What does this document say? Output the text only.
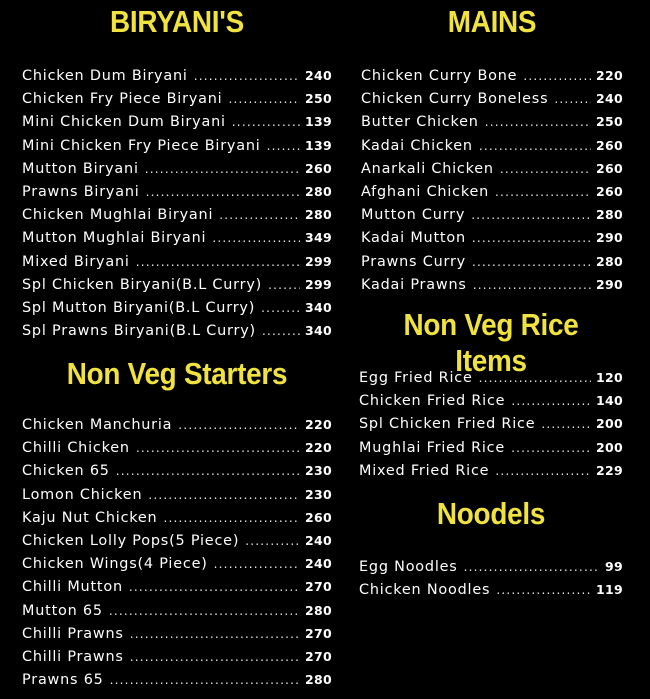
BIRYANI'S
Chicken Dum Biryani .....	240
Chicken Fry Piece Biryani .....	250
Mini Chicken Dum Biryani .....	139
Mini Chicken Fry Piece Biryani .....	139
Mutton Biryani .....	260
Prawns Biryani .....	280
Chicken Mughlai Biryani .....	280
Mutton Mughlai Biryani .....	349
Mixed Biryani .....	299
Spl Chicken Biryani(B.L Curry) .....	299
Spl Mutton Biryani(B.L Curry) .....	340
Spl Prawns Biryani(B.L Curry) .....	340
Non Veg Starters
Chicken Manchuria .....	220
Chilli Chicken .....	220
Chicken 65 .....	230
Lomon Chicken .....	230
Kaju Nut Chicken .....	260
Chicken Lolly Pops(5 Piece) .....	240
Chicken Wings(4 Piece) .....	240
Chilli Mutton .....	270
Mutton 65 .....	280
Chilli Prawns .....	270
Chilli Prawns .....	270
Prawns 65 .....	280
MAINS
Chicken Curry Bone .....	220
Chicken Curry Boneless .....	240
Butter Chicken .....	250
Kadai Chicken .....	260
Anarkali Chicken .....	260
Afghani Chicken .....	260
Mutton Curry .....	280
Kadai Mutton .....	290
Prawns Curry .....	280
Kadai Prawns .....	290
Non Veg Rice Items
Egg Fried Rice .....	120
Chicken Fried Rice .....	140
Spl Chicken Fried Rice .....	200
Mughlai Fried Rice .....	200
Mixed Fried Rice .....	229
Noodels
Egg Noodles .....	99
Chicken Noodles .....	119
